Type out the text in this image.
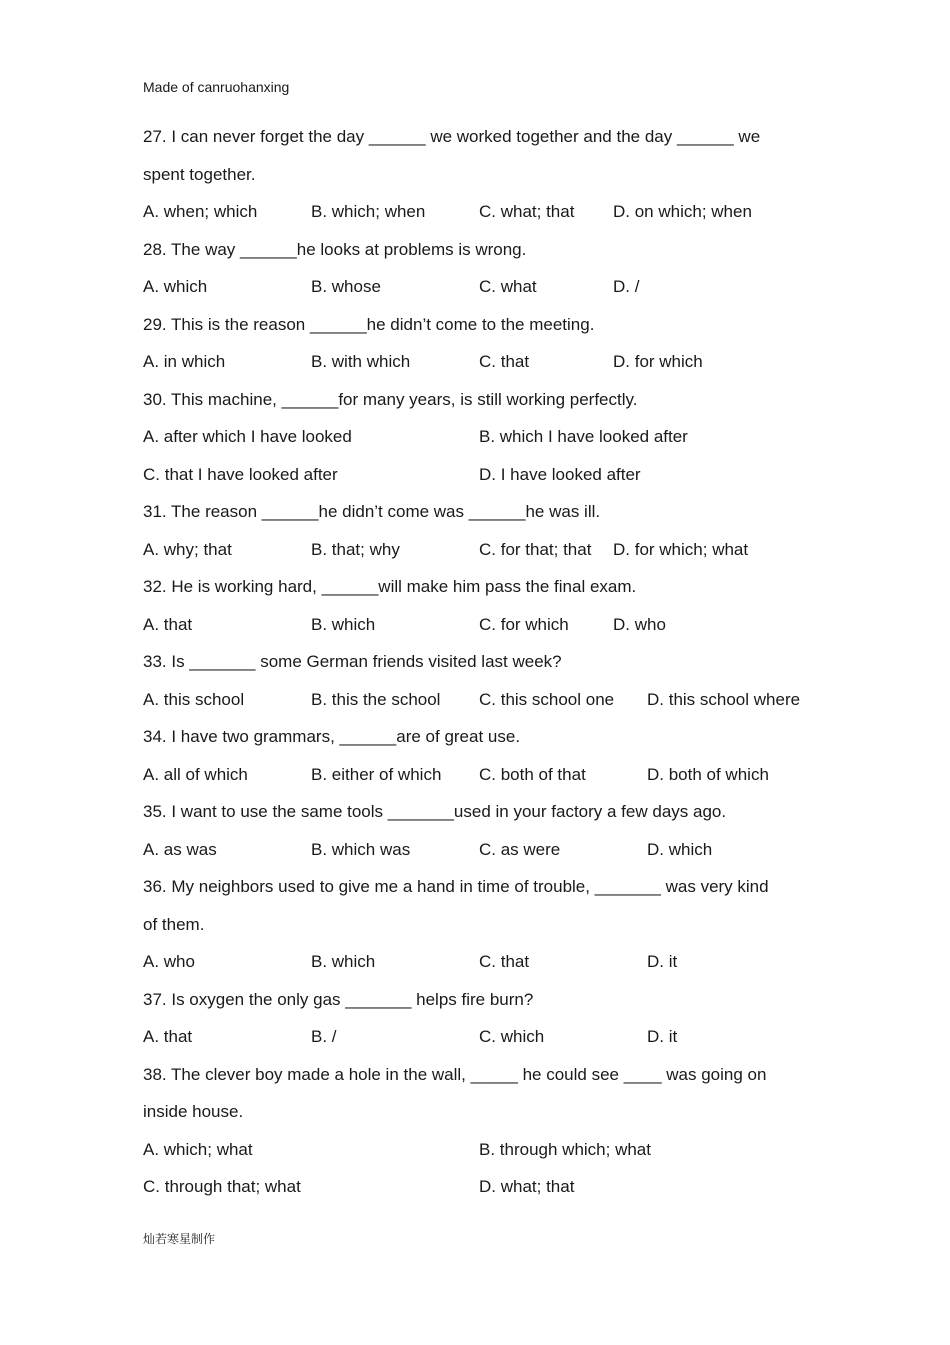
Made of canruohanxing
27. I can never forget the day ______ we worked together and the day ______ we
spent together.
A. when; which	B. which; when	C. what; that D. on which; when
28. The way ______he looks at problems is wrong.
A. which	B. whose	C. what	D. /
29. This is the reason ______he didn’t come to the meeting.
A. in which	B. with which	C. that	D. for which
30. This machine, ______for many years, is still working perfectly.
A. after which I have looked	B. which I have looked after
C. that I have looked after	D. I have looked after
31. The reason ______he didn’t come was ______he was ill.
A. why; that	B. that; why	C. for that; that D. for which; what
32. He is working hard, ______will make him pass the final exam.
A. that	B. which	C. for which	D. who
33. Is _______ some German friends visited last week?
A. this school	B. this the school C. this school one D. this school where
34. I have two grammars, ______are of great use.
A. all of which	B. either of which C. both of that	D. both of which
35. I want to use the same tools _______used in your factory a few days ago.
A. as was	B. which was	C. as were	D. which
36. My neighbors used to give me a hand in time of trouble, _______ was very kind
of them.
A. who	B. which	C. that	D. it
37. Is oxygen the only gas _______ helps fire burn?
A. that	B. /	C. which	D. it
38. The clever boy made a hole in the wall, _____ he could see ____ was going on
inside house.
A. which; what	B. through which; what
C. through that; what	D. what; that
灿若寒星制作
